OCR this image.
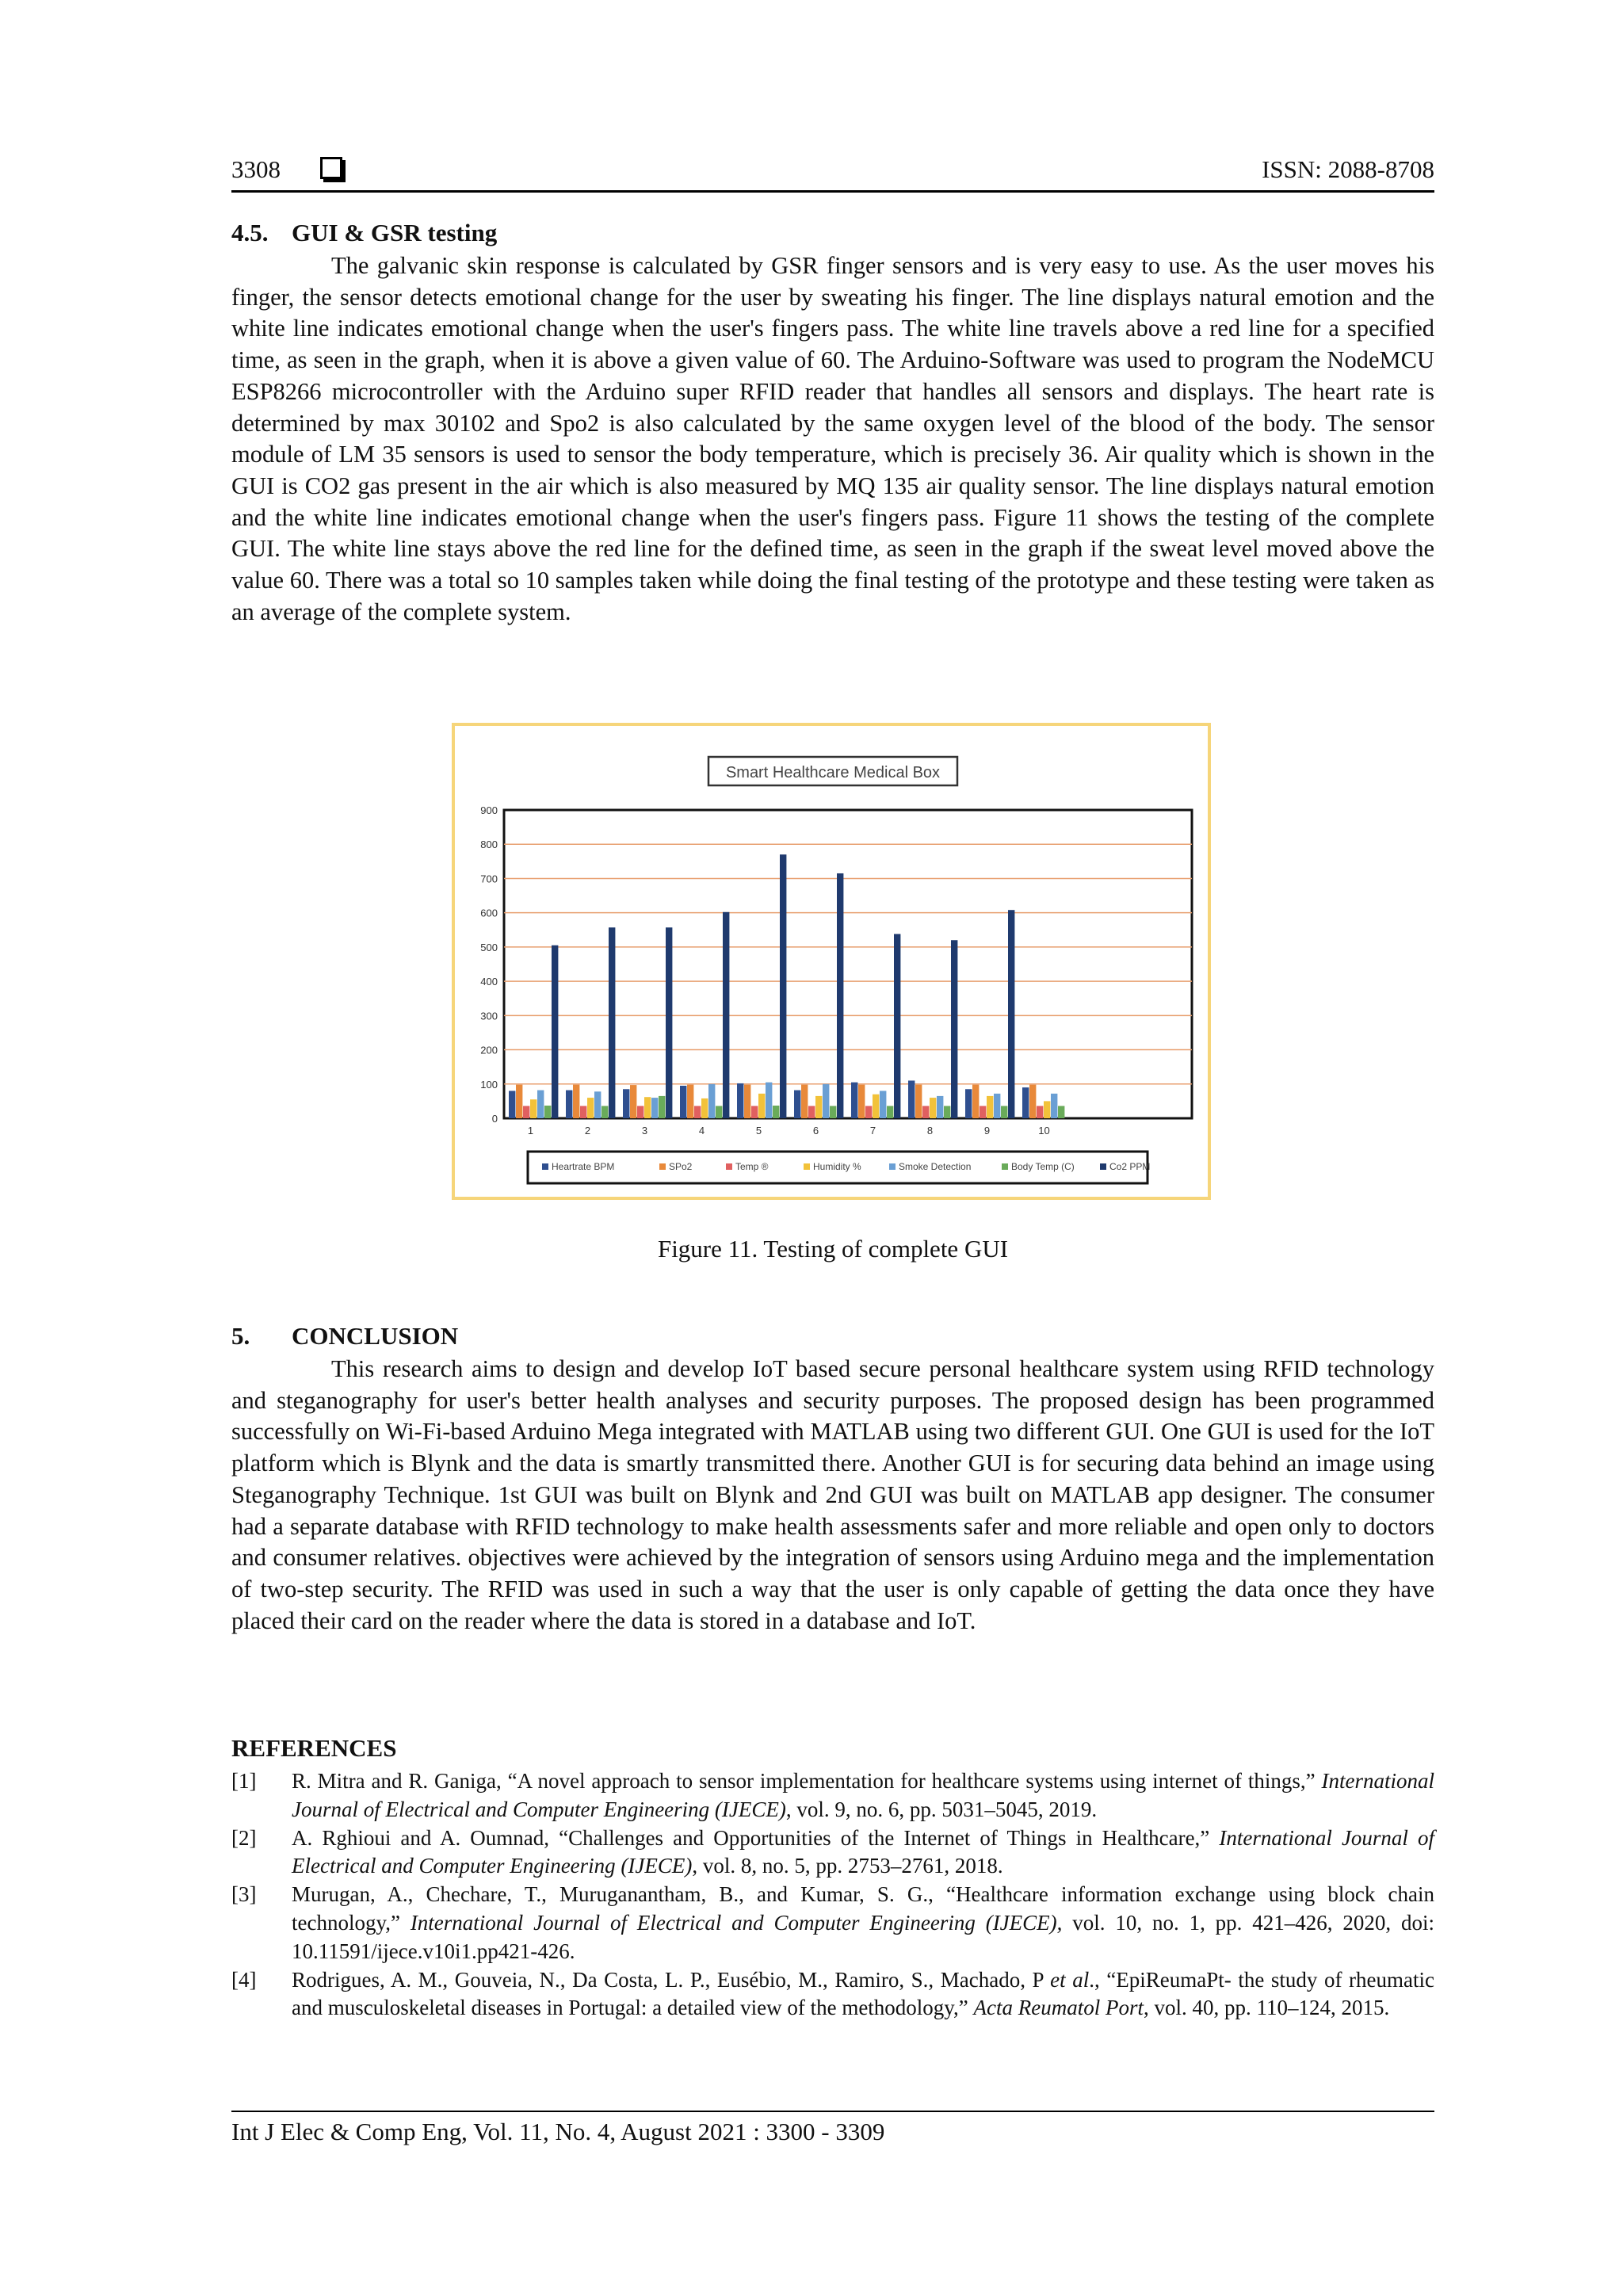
3308	ISSN: 2088-8708
4.5. GUI & GSR testing

The galvanic skin response is calculated by GSR finger sensors and is very easy to use. As the user moves his finger, the sensor detects emotional change for the user by sweating his finger. The line displays natural emotion and the white line indicates emotional change when the user's fingers pass. The white line travels above a red line for a specified time, as seen in the graph, when it is above a given value of 60. The Arduino-Software was used to program the NodeMCU ESP8266 microcontroller with the Arduino super RFID reader that handles all sensors and displays. The heart rate is determined by max 30102 and Spo2 is also calculated by the same oxygen level of the blood of the body. The sensor module of LM 35 sensors is used to sensor the body temperature, which is precisely 36. Air quality which is shown in the GUI is CO2 gas present in the air which is also measured by MQ 135 air quality sensor. The line displays natural emotion and the white line indicates emotional change when the user's fingers pass. Figure 11 shows the testing of the complete GUI. The white line stays above the red line for the defined time, as seen in the graph if the sweat level moved above the value 60. There was a total so 10 samples taken while doing the final testing of the prototype and these testing were taken as an average of the complete system.

Smart Healthcare Medical Box
0
100
200
300
400
500
600
700
800
900
1	2	3	4	5	6	7	8	9	10
Heartrate BPM	SPo2	Temp ®	Humidity %	Smoke Detection	Body Temp (C)	Co2 PPM

Figure 11. Testing of complete GUI

5. CONCLUSION

This research aims to design and develop IoT based secure personal healthcare system using RFID technology and steganography for user's better health analyses and security purposes. The proposed design has been programmed successfully on Wi-Fi-based Arduino Mega integrated with MATLAB using two different GUI. One GUI is used for the IoT platform which is Blynk and the data is smartly transmitted there. Another GUI is for securing data behind an image using Steganography Technique. 1st GUI was built on Blynk and 2nd GUI was built on MATLAB app designer. The consumer had a separate database with RFID technology to make health assessments safer and more reliable and open only to doctors and consumer relatives. objectives were achieved by the integration of sensors using Arduino mega and the implementation of two-step security. The RFID was used in such a way that the user is only capable of getting the data once they have placed their card on the reader where the data is stored in a database and IoT.

REFERENCES
[1] R. Mitra and R. Ganiga, “A novel approach to sensor implementation for healthcare systems using internet of things,” International Journal of Electrical and Computer Engineering (IJECE), vol. 9, no. 6, pp. 5031–5045, 2019.
[2] A. Rghioui and A. Oumnad, “Challenges and Opportunities of the Internet of Things in Healthcare,” International Journal of Electrical and Computer Engineering (IJECE), vol. 8, no. 5, pp. 2753–2761, 2018.
[3] Murugan, A., Chechare, T., Muruganantham, B., and Kumar, S. G., “Healthcare information exchange using block chain technology,” International Journal of Electrical and Computer Engineering (IJECE), vol. 10, no. 1, pp. 421–426, 2020, doi: 10.11591/ijece.v10i1.pp421-426.
[4] Rodrigues, A. M., Gouveia, N., Da Costa, L. P., Eusébio, M., Ramiro, S., Machado, P et al., “EpiReumaPt- the study of rheumatic and musculoskeletal diseases in Portugal: a detailed view of the methodology,” Acta Reumatol Port, vol. 40, pp. 110–124, 2015.

Int J Elec & Comp Eng, Vol. 11, No. 4, August 2021 : 3300 - 3309
